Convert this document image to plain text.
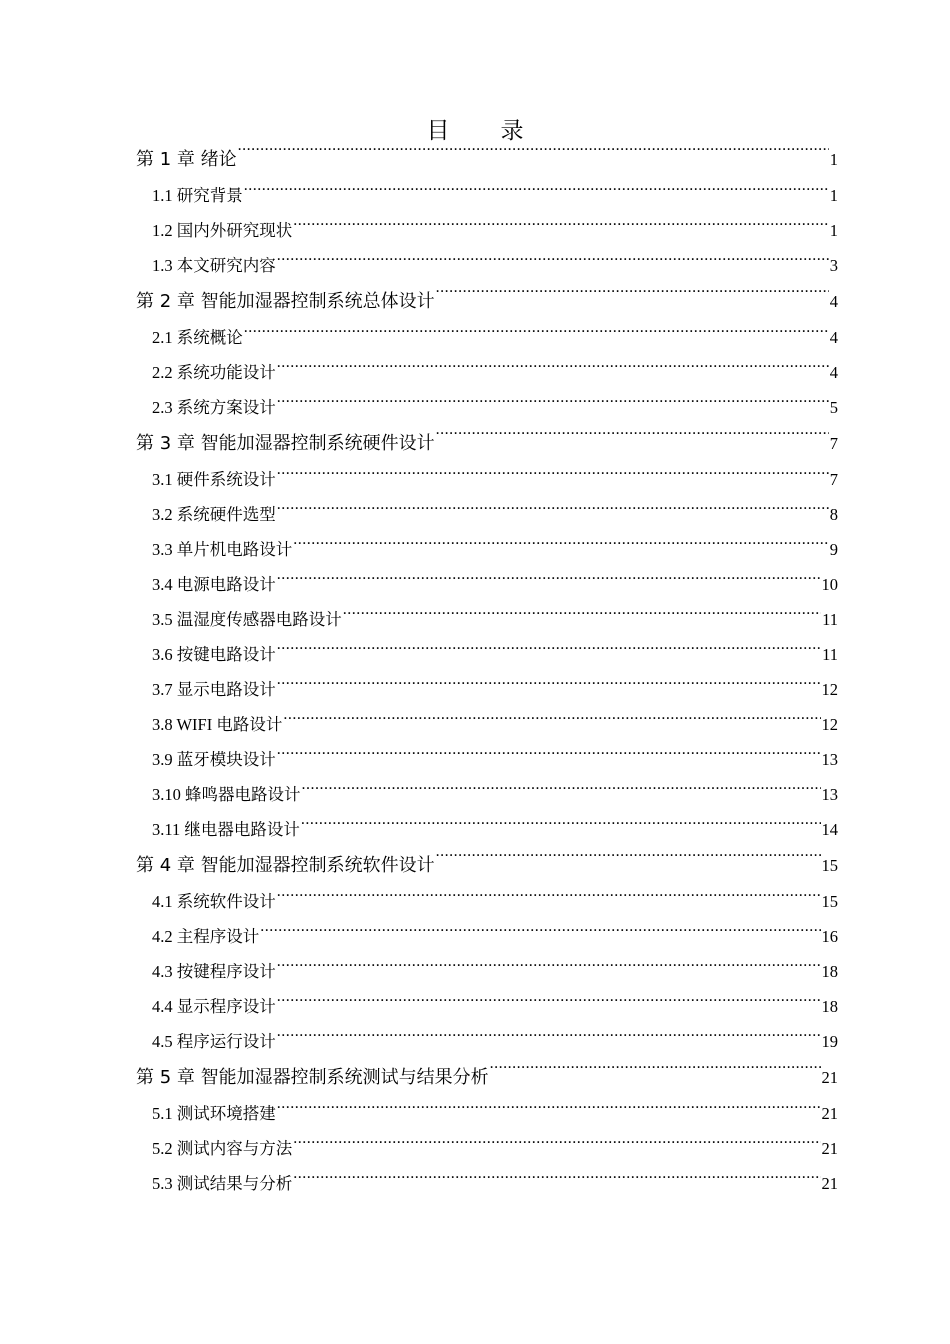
目　录
第 1 章 绪论 .....	1
1.1 研究背景 .....	1
1.2 国内外研究现状 .....	1
1.3 本文研究内容 .....	3
第 2 章 智能加湿器控制系统总体设计 .....	4
2.1 系统概论 .....	4
2.2 系统功能设计 .....	4
2.3 系统方案设计 .....	5
第 3 章 智能加湿器控制系统硬件设计 .....	7
3.1 硬件系统设计 .....	7
3.2 系统硬件选型 .....	8
3.3 单片机电路设计 .....	9
3.4 电源电路设计 .....	10
3.5 温湿度传感器电路设计 .....	11
3.6 按键电路设计 .....	11
3.7 显示电路设计 .....	12
3.8 WIFI 电路设计 .....	12
3.9 蓝牙模块设计 .....	13
3.10 蜂鸣器电路设计 .....	13
3.11 继电器电路设计 .....	14
第 4 章 智能加湿器控制系统软件设计 .....	15
4.1 系统软件设计 .....	15
4.2 主程序设计 .....	16
4.3 按键程序设计 .....	18
4.4 显示程序设计 .....	18
4.5 程序运行设计 .....	19
第 5 章 智能加湿器控制系统测试与结果分析 .....	21
5.1 测试环境搭建 .....	21
5.2 测试内容与方法 .....	21
5.3 测试结果与分析 .....	21
